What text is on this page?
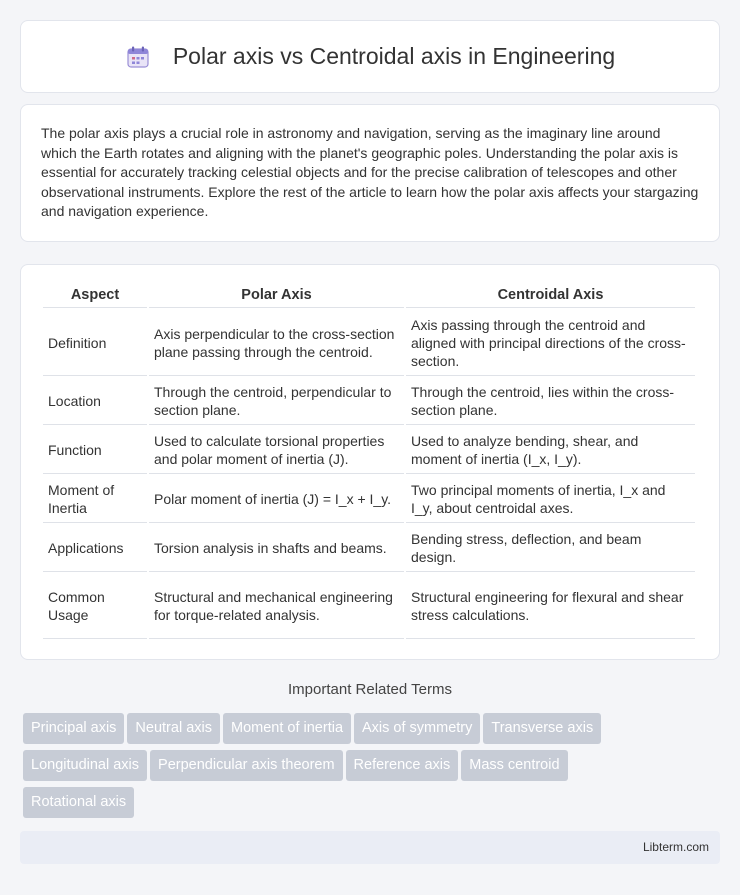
Polar axis vs Centroidal axis in Engineering

The polar axis plays a crucial role in astronomy and navigation, serving as the imaginary line around which the Earth rotates and aligning with the planet's geographic poles. Understanding the polar axis is essential for accurately tracking celestial objects and for the precise calibration of telescopes and other observational instruments. Explore the rest of the article to learn how the polar axis affects your stargazing and navigation experience.

Aspect	Polar Axis	Centroidal Axis
Definition	Axis perpendicular to the cross-section plane passing through the centroid.	Axis passing through the centroid and aligned with principal directions of the cross-section.
Location	Through the centroid, perpendicular to section plane.	Through the centroid, lies within the cross-section plane.
Function	Used to calculate torsional properties and polar moment of inertia (J).	Used to analyze bending, shear, and moment of inertia (I_x, I_y).
Moment of Inertia	Polar moment of inertia (J) = I_x + I_y.	Two principal moments of inertia, I_x and I_y, about centroidal axes.
Applications	Torsion analysis in shafts and beams.	Bending stress, deflection, and beam design.
Common Usage	Structural and mechanical engineering for torque-related analysis.	Structural engineering for flexural and shear stress calculations.
Important Related Terms
Principal axis Neutral axis Moment of inertia Axis of symmetry Transverse axis
Longitudinal axis Perpendicular axis theorem Reference axis Mass centroid
Rotational axis
Libterm.com
